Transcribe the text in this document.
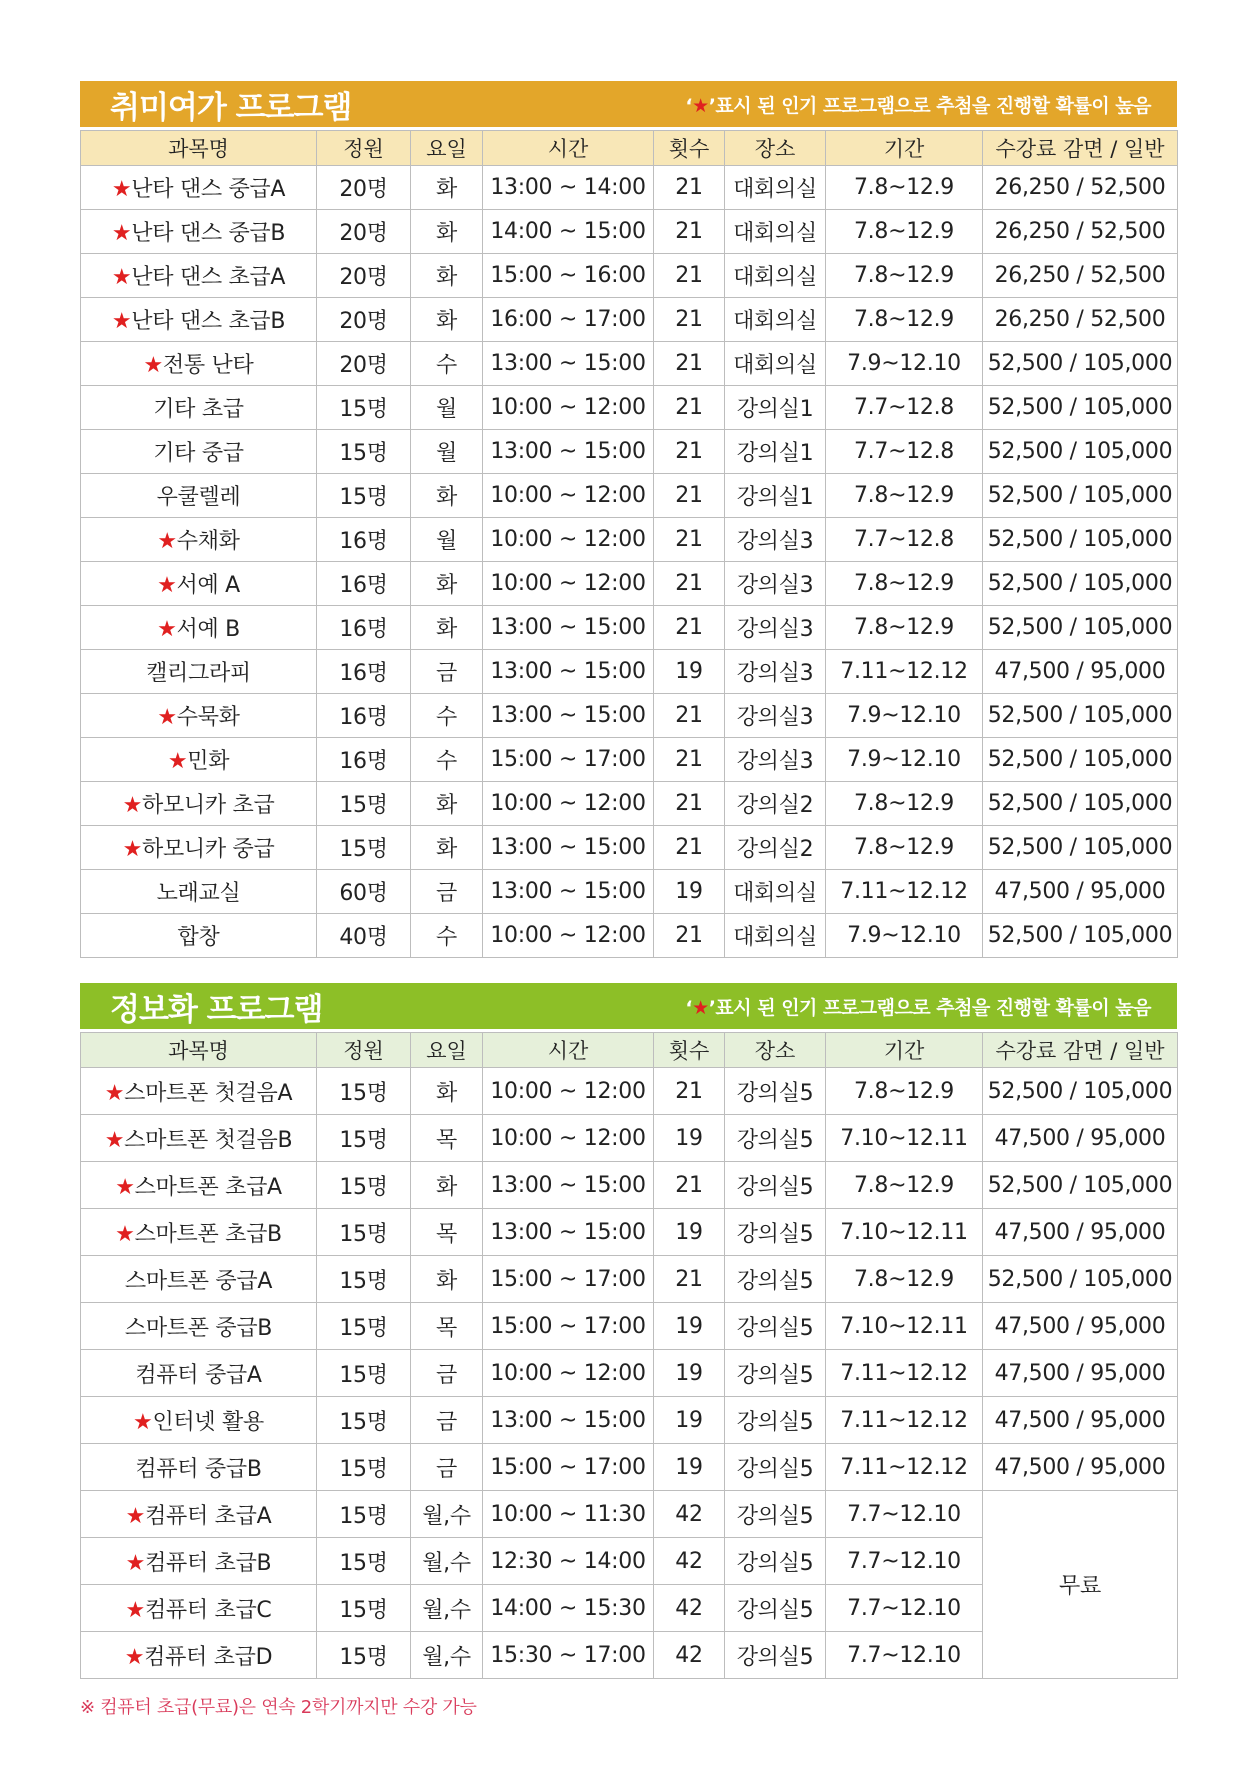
취미여가 프로그램	‘★’표시 된 인기 프로그램으로 추첨을 진행할 확률이 높음
과목명	정원	요일	시간	횟수	장소	기간	수강료 감면 / 일반
★난타 댄스 중급A	20명	화	13:00 ~ 14:00	21	대회의실	7.8~12.9	26,250 / 52,500
★난타 댄스 중급B	20명	화	14:00 ~ 15:00	21	대회의실	7.8~12.9	26,250 / 52,500
★난타 댄스 초급A	20명	화	15:00 ~ 16:00	21	대회의실	7.8~12.9	26,250 / 52,500
★난타 댄스 초급B	20명	화	16:00 ~ 17:00	21	대회의실	7.8~12.9	26,250 / 52,500
★전통 난타	20명	수	13:00 ~ 15:00	21	대회의실	7.9~12.10	52,500 / 105,000
기타 초급	15명	월	10:00 ~ 12:00	21	강의실1	7.7~12.8	52,500 / 105,000
기타 중급	15명	월	13:00 ~ 15:00	21	강의실1	7.7~12.8	52,500 / 105,000
우쿨렐레	15명	화	10:00 ~ 12:00	21	강의실1	7.8~12.9	52,500 / 105,000
★수채화	16명	월	10:00 ~ 12:00	21	강의실3	7.7~12.8	52,500 / 105,000
★서예 A	16명	화	10:00 ~ 12:00	21	강의실3	7.8~12.9	52,500 / 105,000
★서예 B	16명	화	13:00 ~ 15:00	21	강의실3	7.8~12.9	52,500 / 105,000
캘리그라피	16명	금	13:00 ~ 15:00	19	강의실3	7.11~12.12	47,500 / 95,000
★수묵화	16명	수	13:00 ~ 15:00	21	강의실3	7.9~12.10	52,500 / 105,000
★민화	16명	수	15:00 ~ 17:00	21	강의실3	7.9~12.10	52,500 / 105,000
★하모니카 초급	15명	화	10:00 ~ 12:00	21	강의실2	7.8~12.9	52,500 / 105,000
★하모니카 중급	15명	화	13:00 ~ 15:00	21	강의실2	7.8~12.9	52,500 / 105,000
노래교실	60명	금	13:00 ~ 15:00	19	대회의실	7.11~12.12	47,500 / 95,000
합창	40명	수	10:00 ~ 12:00	21	대회의실	7.9~12.10	52,500 / 105,000
정보화 프로그램	‘★’표시 된 인기 프로그램으로 추첨을 진행할 확률이 높음
과목명	정원	요일	시간	횟수	장소	기간	수강료 감면 / 일반
★스마트폰 첫걸음A	15명	화	10:00 ~ 12:00	21	강의실5	7.8~12.9	52,500 / 105,000
★스마트폰 첫걸음B	15명	목	10:00 ~ 12:00	19	강의실5	7.10~12.11	47,500 / 95,000
★스마트폰 초급A	15명	화	13:00 ~ 15:00	21	강의실5	7.8~12.9	52,500 / 105,000
★스마트폰 초급B	15명	목	13:00 ~ 15:00	19	강의실5	7.10~12.11	47,500 / 95,000
스마트폰 중급A	15명	화	15:00 ~ 17:00	21	강의실5	7.8~12.9	52,500 / 105,000
스마트폰 중급B	15명	목	15:00 ~ 17:00	19	강의실5	7.10~12.11	47,500 / 95,000
컴퓨터 중급A	15명	금	10:00 ~ 12:00	19	강의실5	7.11~12.12	47,500 / 95,000
★인터넷 활용	15명	금	13:00 ~ 15:00	19	강의실5	7.11~12.12	47,500 / 95,000
컴퓨터 중급B	15명	금	15:00 ~ 17:00	19	강의실5	7.11~12.12	47,500 / 95,000
★컴퓨터 초급A	15명	월,수	10:00 ~ 11:30	42	강의실5	7.7~12.10	무료
★컴퓨터 초급B	15명	월,수	12:30 ~ 14:00	42	강의실5	7.7~12.10	
★컴퓨터 초급C	15명	월,수	14:00 ~ 15:30	42	강의실5	7.7~12.10	
★컴퓨터 초급D	15명	월,수	15:30 ~ 17:00	42	강의실5	7.7~12.10	
※ 컴퓨터 초급(무료)은 연속 2학기까지만 수강 가능
